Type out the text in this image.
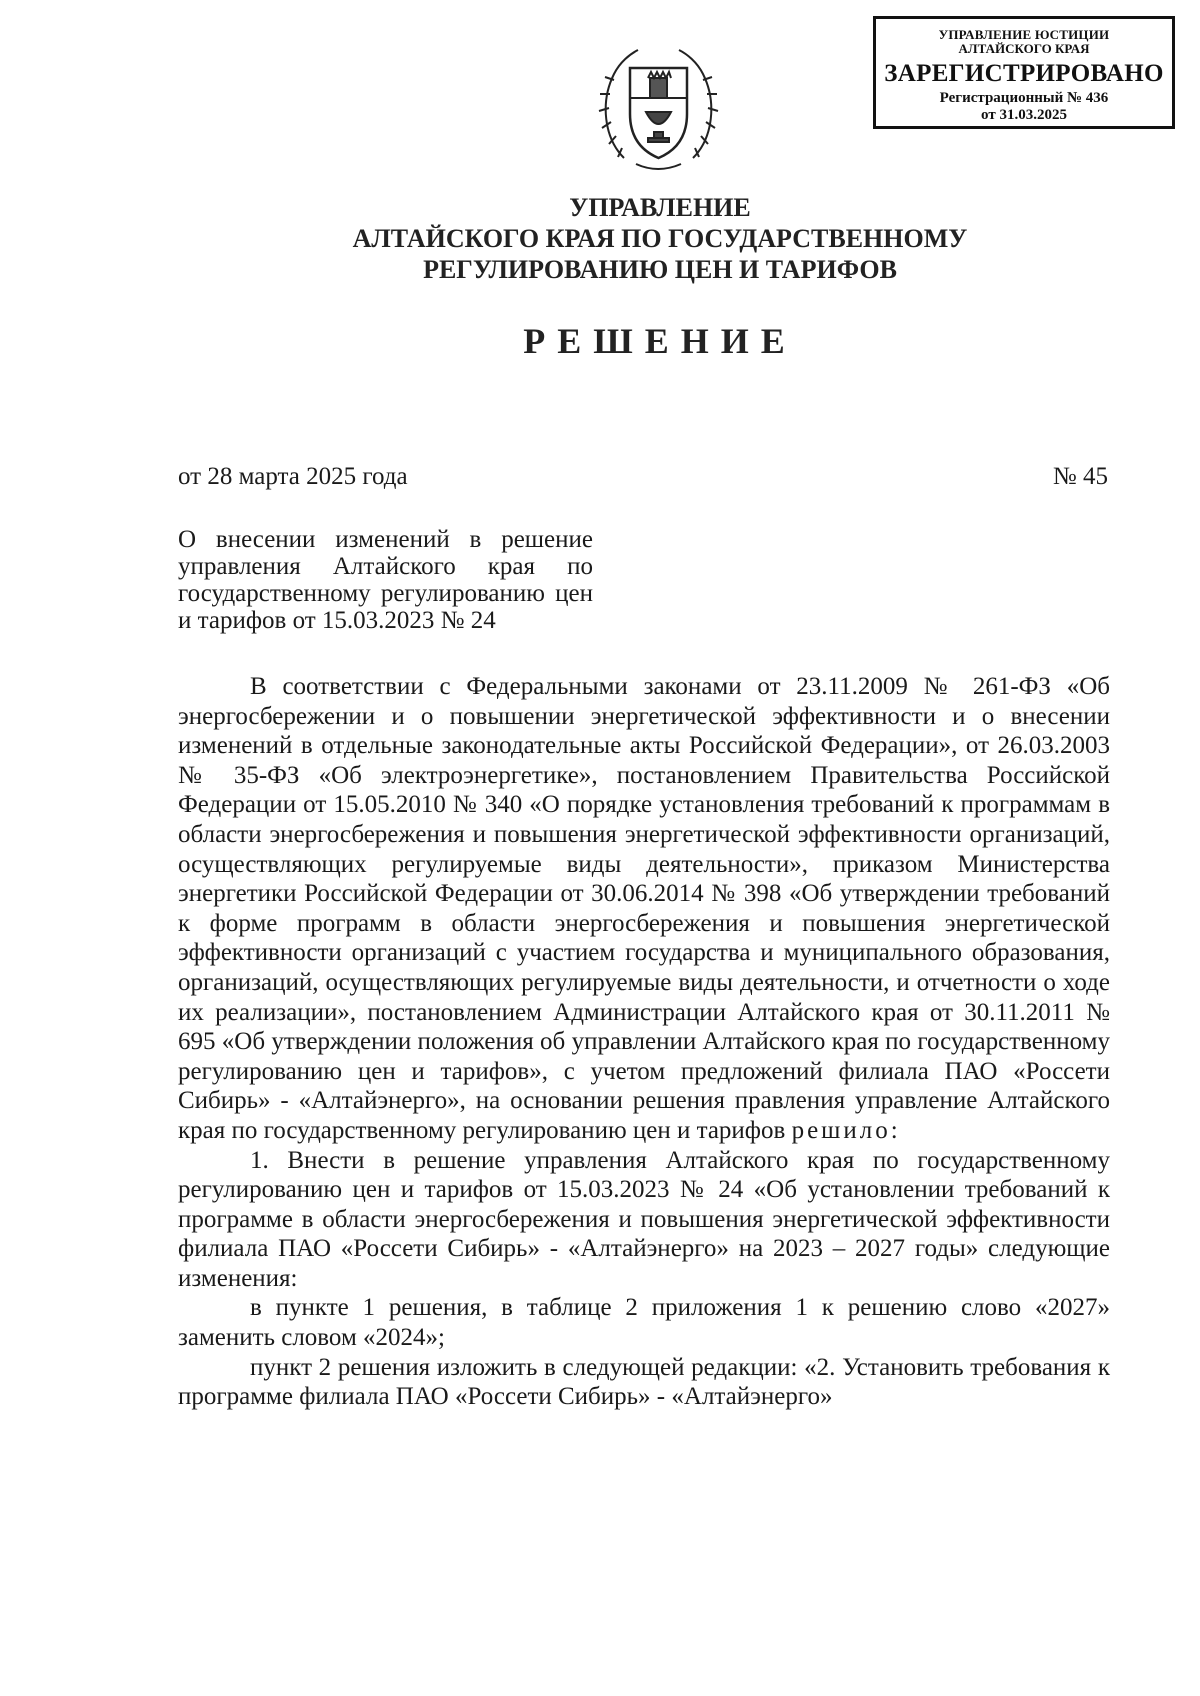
УПРАВЛЕНИЕ ЮСТИЦИИ
АЛТАЙСКОГО КРАЯ
ЗАРЕГИСТРИРОВАНО
Регистрационный № 436
от 31.03.2025
УПРАВЛЕНИЕ
АЛТАЙСКОГО КРАЯ ПО ГОСУДАРСТВЕННОМУ
РЕГУЛИРОВАНИЮ ЦЕН И ТАРИФОВ
РЕШЕНИЕ
от 28 марта 2025 года	№ 45
О внесении изменений в решение управления Алтайского края по государственному регулированию цен и тарифов от 15.03.2023 № 24

В соответствии с Федеральными законами от 23.11.2009 № 261-ФЗ «Об энергосбережении и о повышении энергетической эффективности и о внесении изменений в отдельные законодательные акты Российской Федерации», от 26.03.2003 № 35-ФЗ «Об электроэнергетике», постановлением Правительства Российской Федерации от 15.05.2010 № 340 «О порядке установления требований к программам в области энергосбережения и повышения энергетической эффективности организаций, осуществляющих регулируемые виды деятельности», приказом Министерства энергетики Российской Федерации от 30.06.2014 № 398 «Об утверждении требований к форме программ в области энергосбережения и повышения энергетической эффективности организаций с участием государства и муниципального образования, организаций, осуществляющих регулируемые виды деятельности, и отчетности о ходе их реализации», постановлением Администрации Алтайского края от 30.11.2011 № 695 «Об утверждении положения об управлении Алтайского края по государственному регулированию цен и тарифов», с учетом предложений филиала ПАО «Россети Сибирь» - «Алтайэнерго», на основании решения правления управление Алтайского края по государственному регулированию цен и тарифов решило:

1. Внести в решение управления Алтайского края по государственному регулированию цен и тарифов от 15.03.2023 № 24 «Об установлении требований к программе в области энергосбережения и повышения энергетической эффективности филиала ПАО «Россети Сибирь» - «Алтайэнерго» на 2023 – 2027 годы» следующие изменения:

в пункте 1 решения, в таблице 2 приложения 1 к решению слово «2027» заменить словом «2024»;

пункт 2 решения изложить в следующей редакции: «2. Установить требования к программе филиала ПАО «Россети Сибирь» - «Алтайэнерго»
